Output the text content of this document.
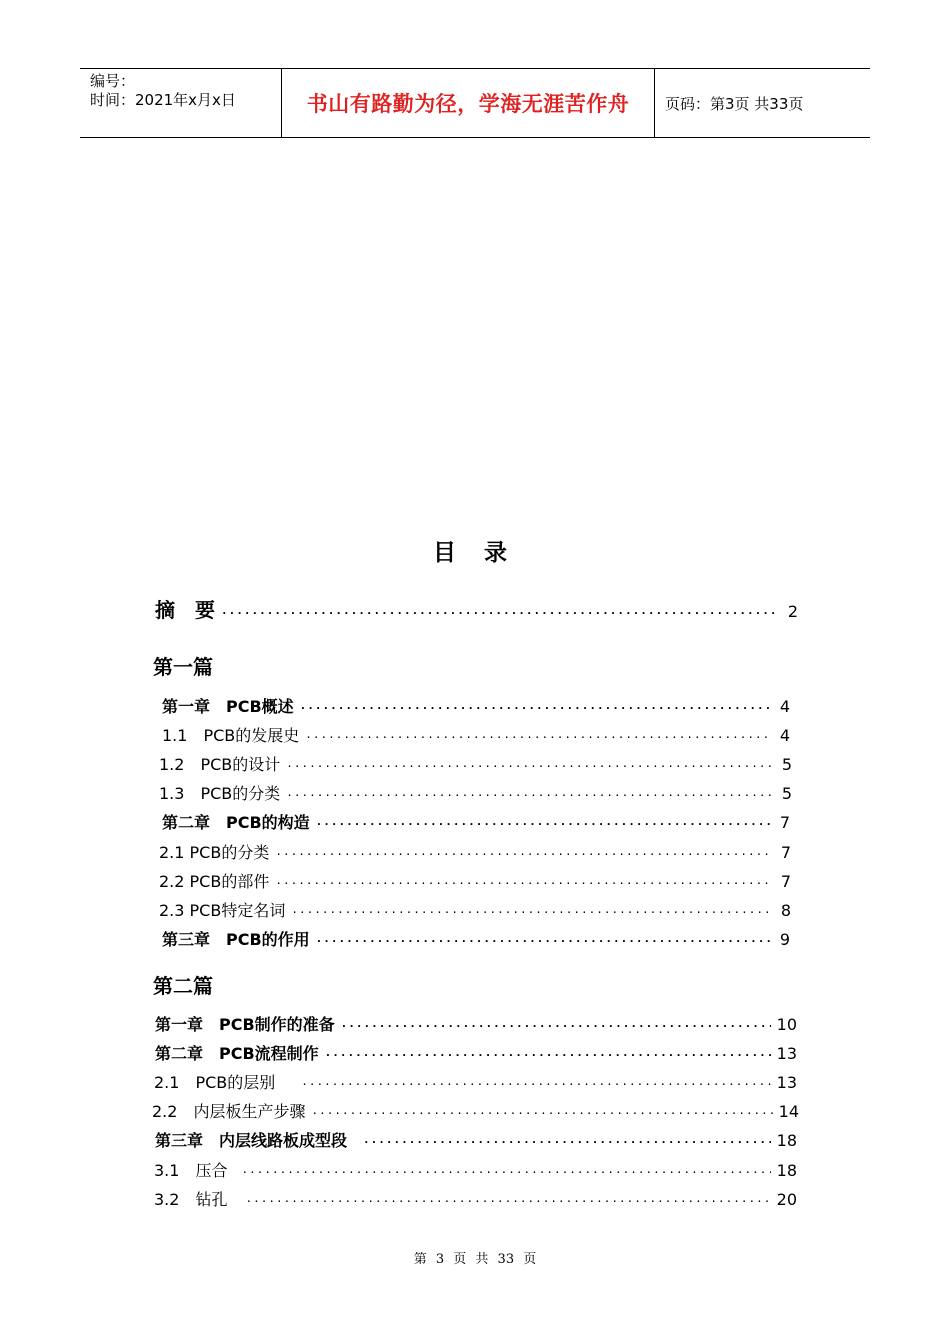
编号：
时间：2021年x月x日	书山有路勤为径，学海无涯苦作舟 页码：第3页 共33页
目 录
摘　要 ·····	2
第一篇
第一章　PCB概述 ·····	4
1.1　PCB的发展史 ·····	4
1.2　PCB的设计 ·····	5
1.3　PCB的分类 ·····	5
第二章　PCB的构造 ·····	7
2.1 PCB的分类 ·····	7
2.2 PCB的部件 ·····	7
2.3 PCB特定名词 ·····	8
第三章　PCB的作用 ·····	9
第二篇
第一章　PCB制作的准备 ·····	10
第二章　PCB流程制作 ·····	13
2.1　PCB的层别 ·····	13
2.2　内层板生产步骤 ·····	14
第三章　内层线路板成型段 ·····	18
3.1　压合 ·····	18
3.2　钻孔 ·····	20
第 3 页 共 33 页
